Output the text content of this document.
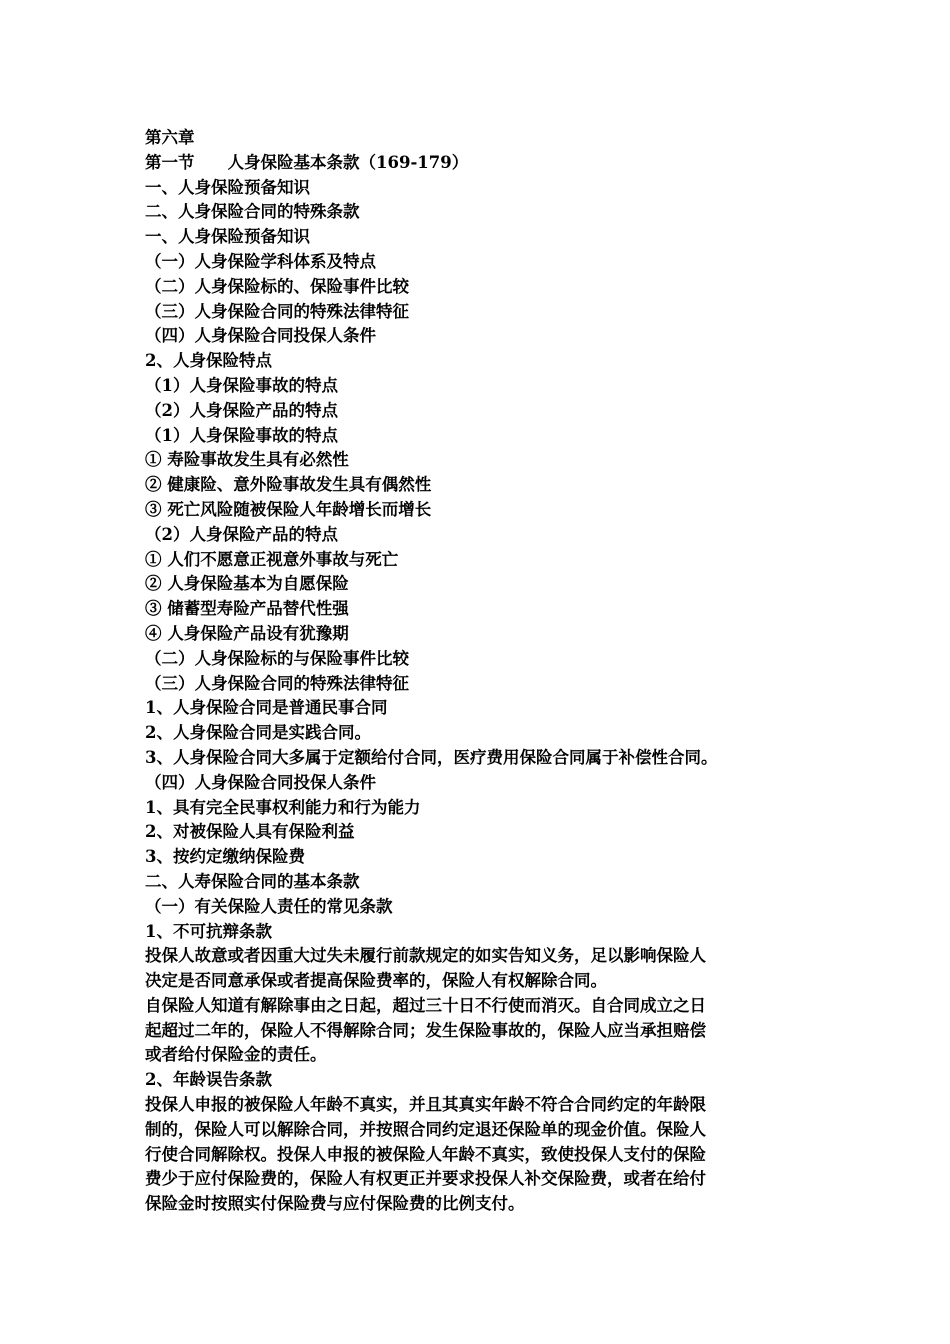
第六章
第一节　　人身保险基本条款（169-179）
一、人身保险预备知识
二、人身保险合同的特殊条款
一、人身保险预备知识
（一）人身保险学科体系及特点
（二）人身保险标的、保险事件比较
（三）人身保险合同的特殊法律特征
（四）人身保险合同投保人条件
2、人身保险特点
（1）人身保险事故的特点
（2）人身保险产品的特点
（1）人身保险事故的特点
① 寿险事故发生具有必然性
② 健康险、意外险事故发生具有偶然性
③ 死亡风险随被保险人年龄增长而增长
（2）人身保险产品的特点
① 人们不愿意正视意外事故与死亡
② 人身保险基本为自愿保险
③ 储蓄型寿险产品替代性强
④ 人身保险产品设有犹豫期
（二）人身保险标的与保险事件比较
（三）人身保险合同的特殊法律特征
1、人身保险合同是普通民事合同
2、人身保险合同是实践合同。
3、人身保险合同大多属于定额给付合同，医疗费用保险合同属于补偿性合同。
（四）人身保险合同投保人条件
1、具有完全民事权利能力和行为能力
2、对被保险人具有保险利益
3、按约定缴纳保险费
二、人寿保险合同的基本条款
（一）有关保险人责任的常见条款
1、不可抗辩条款
投保人故意或者因重大过失未履行前款规定的如实告知义务，足以影响保险人
决定是否同意承保或者提高保险费率的，保险人有权解除合同。
自保险人知道有解除事由之日起，超过三十日不行使而消灭。自合同成立之日
起超过二年的，保险人不得解除合同；发生保险事故的，保险人应当承担赔偿
或者给付保险金的责任。
2、年龄误告条款
投保人申报的被保险人年龄不真实，并且其真实年龄不符合合同约定的年龄限
制的，保险人可以解除合同，并按照合同约定退还保险单的现金价值。保险人
行使合同解除权。投保人申报的被保险人年龄不真实，致使投保人支付的保险
费少于应付保险费的，保险人有权更正并要求投保人补交保险费，或者在给付
保险金时按照实付保险费与应付保险费的比例支付。
